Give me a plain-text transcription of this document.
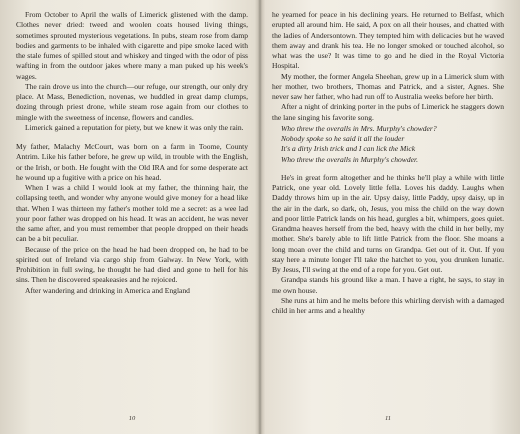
From October to April the walls of Limerick glistened with the damp. Clothes never dried: tweed and woolen coats housed living things, sometimes sprouted mysterious vegetations. In pubs, steam rose from damp bodies and garments to be inhaled with cigarette and pipe smoke laced with the stale fumes of spilled stout and whiskey and tinged with the odor of piss wafting in from the outdoor jakes where many a man puked up his week's wages.

The rain drove us into the church—our refuge, our strength, our only dry place. At Mass, Benediction, novenas, we huddled in great damp clumps, dozing through priest drone, while steam rose again from our clothes to mingle with the sweetness of incense, flowers and candles.

Limerick gained a reputation for piety, but we knew it was only the rain.

My father, Malachy McCourt, was born on a farm in Toome, County Antrim. Like his father before, he grew up wild, in trouble with the English, or the Irish, or both. He fought with the Old IRA and for some desperate act he wound up a fugitive with a price on his head.

When I was a child I would look at my father, the thinning hair, the collapsing teeth, and wonder why anyone would give money for a head like that. When I was thirteen my father's mother told me a secret: as a wee lad your poor father was dropped on his head. It was an accident, he was never the same after, and you must remember that people dropped on their heads can be a bit peculiar.

Because of the price on the head he had been dropped on, he had to be spirited out of Ireland via cargo ship from Galway. In New York, with Prohibition in full swing, he thought he had died and gone to hell for his sins. Then he discovered speakeasies and he rejoiced.

After wandering and drinking in America and England

10

he yearned for peace in his declining years. He returned to Belfast, which erupted all around him. He said, A pox on all their houses, and chatted with the ladies of Andersontown. They tempted him with delicacies but he waved them away and drank his tea. He no longer smoked or touched alcohol, so what was the use? It was time to go and he died in the Royal Victoria Hospital.

My mother, the former Angela Sheehan, grew up in a Limerick slum with her mother, two brothers, Thomas and Patrick, and a sister, Agnes. She never saw her father, who had run off to Australia weeks before her birth.

After a night of drinking porter in the pubs of Limerick he staggers down the lane singing his favorite song.

Who threw the overalls in Mrs. Murphy's chowder?
Nobody spoke so he said it all the louder
It's a dirty Irish trick and I can lick the Mick
Who threw the overalls in Murphy's chowder.

He's in great form altogether and he thinks he'll play a while with little Patrick, one year old. Lovely little fella. Loves his daddy. Laughs when Daddy throws him up in the air. Upsy daisy, little Paddy, upsy daisy, up in the air in the dark, so dark, oh, Jesus, you miss the child on the way down and poor little Patrick lands on his head, gurgles a bit, whimpers, goes quiet. Grandma heaves herself from the bed, heavy with the child in her belly, my mother. She's barely able to lift little Patrick from the floor. She moans a long moan over the child and turns on Grandpa. Get out of it. Out. If you stay here a minute longer I'll take the hatchet to you, you drunken lunatic. By Jesus, I'll swing at the end of a rope for you. Get out.

Grandpa stands his ground like a man. I have a right, he says, to stay in me own house.

She runs at him and he melts before this whirling dervish with a damaged child in her arms and a healthy

11
